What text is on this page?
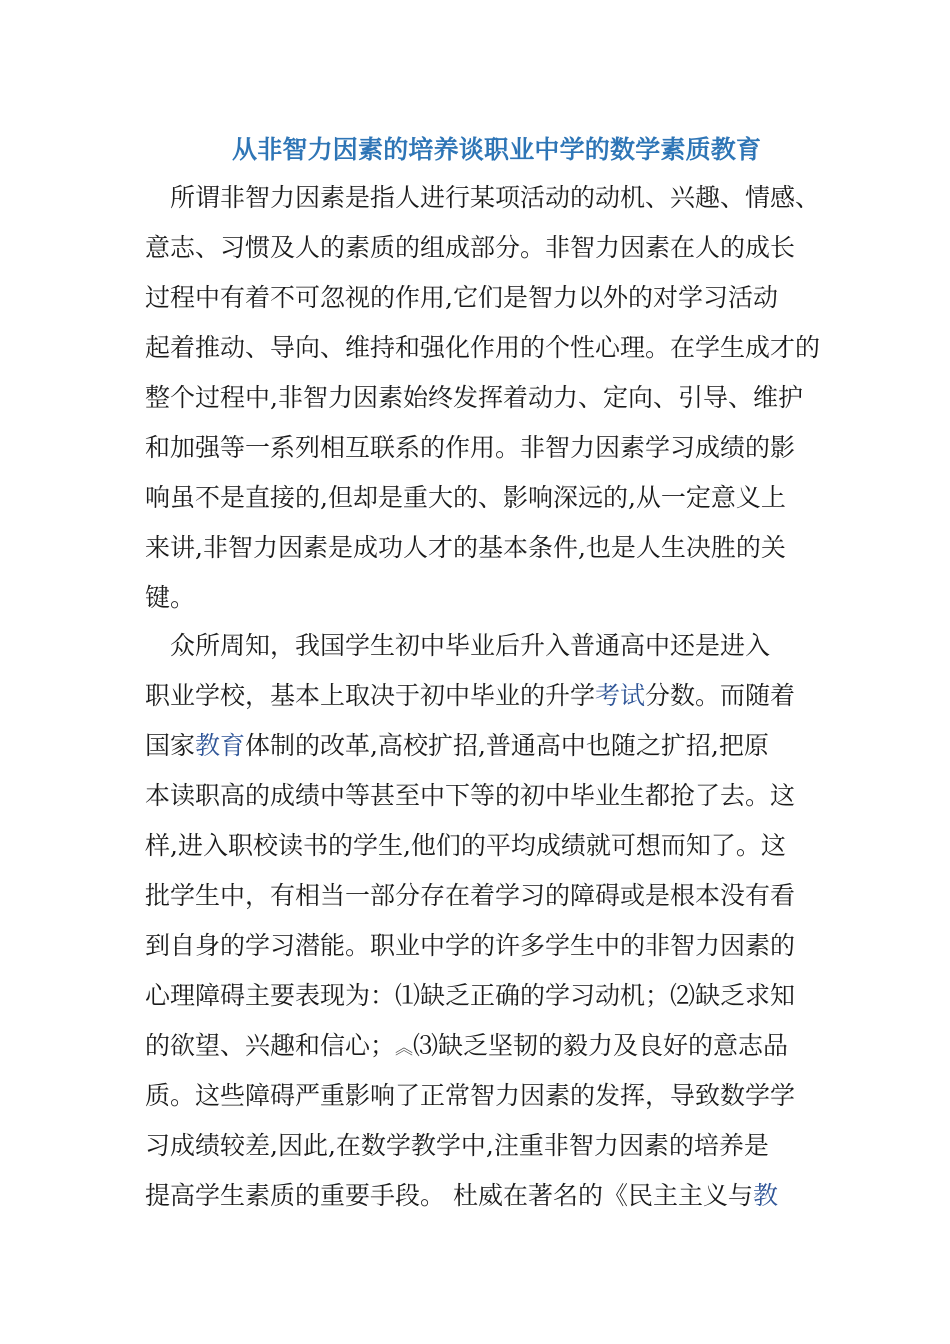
从非智力因素的培养谈职业中学的数学素质教育
　所谓非智力因素是指人进行某项活动的动机、兴趣、情感、
意志、习惯及人的素质的组成部分。非智力因素在人的成长
过程中有着不可忽视的作用,它们是智力以外的对学习活动
起着推动、导向、维持和强化作用的个性心理。在学生成才的
整个过程中,非智力因素始终发挥着动力、定向、引导、维护
和加强等一系列相互联系的作用。非智力因素学习成绩的影
响虽不是直接的,但却是重大的、影响深远的,从一定意义上
来讲,非智力因素是成功人才的基本条件,也是人生决胜的关
键。
　众所周知，我国学生初中毕业后升入普通高中还是进入
职业学校，基本上取决于初中毕业的升学考试分数。而随着
国家教育体制的改革,高校扩招,普通高中也随之扩招,把原
本读职高的成绩中等甚至中下等的初中毕业生都抢了去。这
样,进入职校读书的学生,他们的平均成绩就可想而知了。这
批学生中，有相当一部分存在着学习的障碍或是根本没有看
到自身的学习潜能。职业中学的许多学生中的非智力因素的
心理障碍主要表现为：⑴缺乏正确的学习动机；⑵缺乏求知
的欲望、兴趣和信心；︽⑶缺乏坚韧的毅力及良好的意志品
质。这些障碍严重影响了正常智力因素的发挥，导致数学学
习成绩较差,因此,在数学教学中,注重非智力因素的培养是
提高学生素质的重要手段。 杜威在著名的《民主主义与教
